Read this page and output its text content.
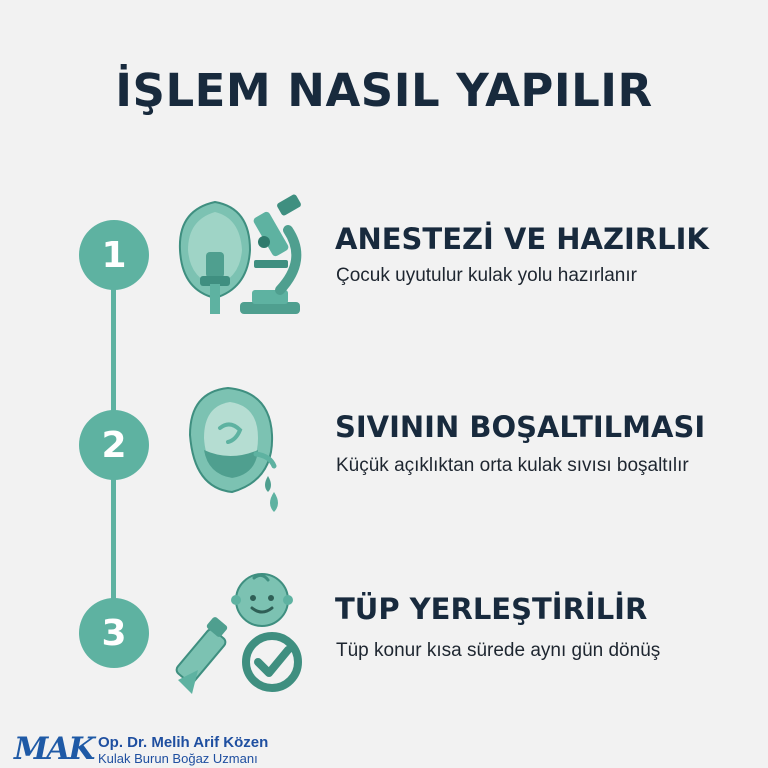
İŞLEM NASIL YAPILIR
1	ANESTEZİ VE HAZIRLIK
Çocuk uyutulur kulak yolu hazırlanır
2	SIVININ BOŞALTILMASI
Küçük açıklıktan orta kulak sıvısı boşaltılır
3
TÜP YERLEŞTİRİLİR
Tüp konur kısa sürede aynı gün dönüş
MAK Op. Dr. Melih Arif Közen
Kulak Burun Boğaz Uzmanı
